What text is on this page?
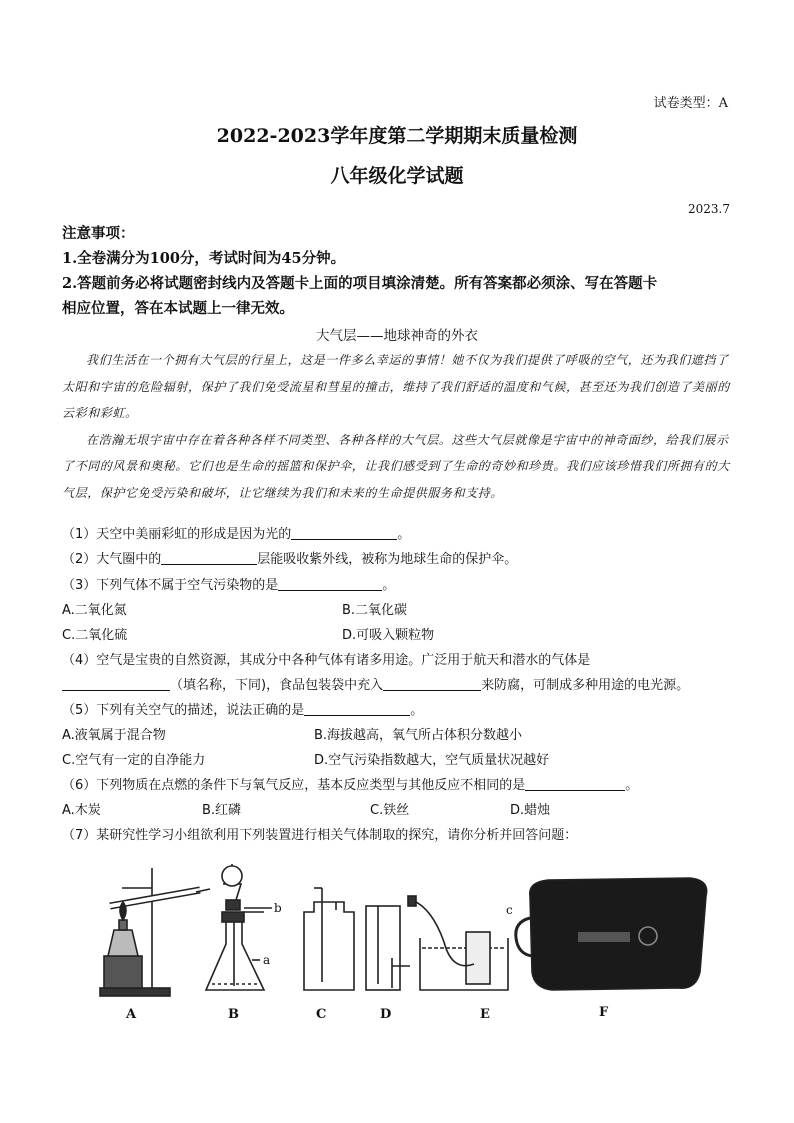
试卷类型：A
2022-2023学年度第二学期期末质量检测
八年级化学试题
2023.7
注意事项：
1.全卷满分为100分，考试时间为45分钟。
2.答题前务必将试题密封线内及答题卡上面的项目填涂清楚。所有答案都必须涂、写在答题卡
相应位置，答在本试题上一律无效。
大气层——地球神奇的外衣

我们生活在一个拥有大气层的行星上，这是一件多么幸运的事情！她不仅为我们提供了呼吸的空气，还为我们遮挡了太阳和宇宙的危险辐射，保护了我们免受流星和彗星的撞击，维持了我们舒适的温度和气候，甚至还为我们创造了美丽的云彩和彩虹。

在浩瀚无垠宇宙中存在着各种各样不同类型、各种各样的大气层。这些大气层就像是宇宙中的神奇面纱，给我们展示了不同的风景和奥秘。它们也是生命的摇篮和保护伞，让我们感受到了生命的奇妙和珍贵。我们应该珍惜我们所拥有的大气层，保护它免受污染和破坏，让它继续为我们和未来的生命提供服务和支持。

（1）天空中美丽彩虹的形成是因为光的	。
（2）大气圈中的	层能吸收紫外线，被称为地球生命的保护伞。
（3）下列气体不属于空气污染物的是	。
A.二氧化氮	B.二氧化碳
C.二氧化硫	D.可吸入颗粒物
（4）空气是宝贵的自然资源，其成分中各种气体有诸多用途。广泛用于航天和潜水的气体是
（填名称，下同)，食品包装袋中充入	来防腐，可制成多种用途的电光源。
（5）下列有关空气的描述，说法正确的是	。
A.液氧属于混合物	B.海拔越高，氧气所占体积分数越小
C.空气有一定的自净能力	D.空气污染指数越大，空气质量状况越好
（6）下列物质在点燃的条件下与氧气反应，基本反应类型与其他反应不相同的是	。
A.木炭	B.红磷	C.铁丝	D.蜡烛
（7）某研究性学习小组欲利用下列装置进行相关气体制取的探究，请你分析并回答问题：
b
a
c
A	B	C	D	E	F
